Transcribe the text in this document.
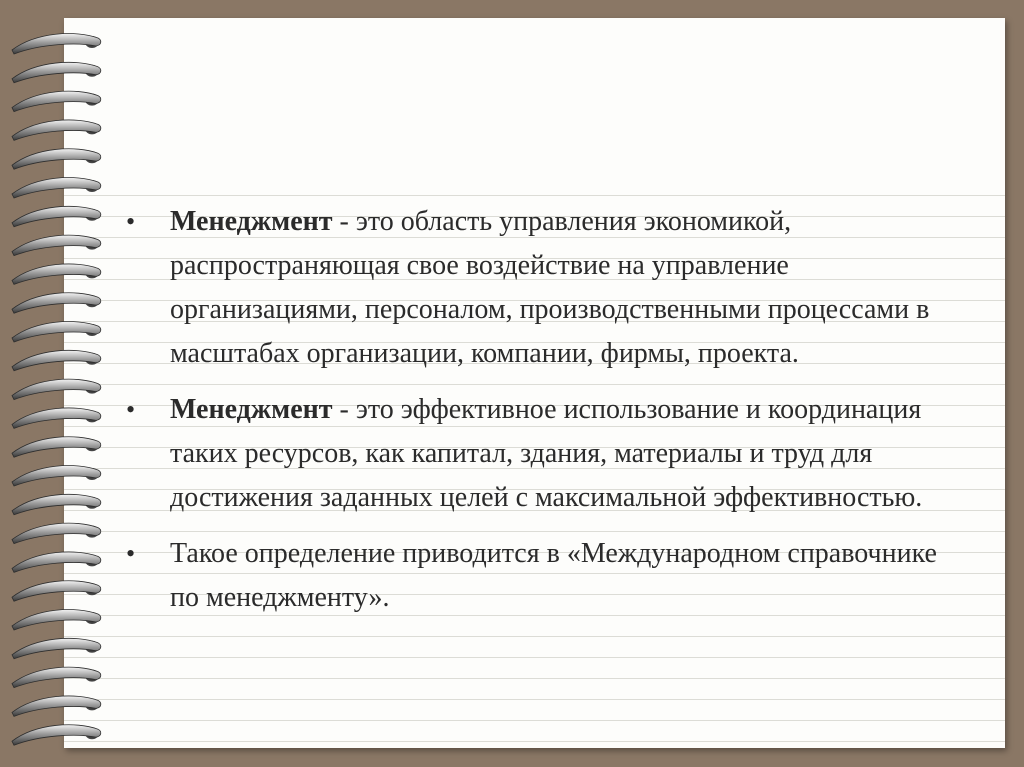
•	Менеджмент - это область управления экономикой, распространяющая свое воздействие на управление организациями, персоналом, производственными процессами в масштабах организации, компании, фирмы, проекта.
•	Менеджмент - это эффективное использование и координация таких ресурсов, как капитал, здания, материалы и труд для достижения заданных целей с максимальной эффективностью.
•	Такое определение приводится в «Международном справочнике по менеджменту».
